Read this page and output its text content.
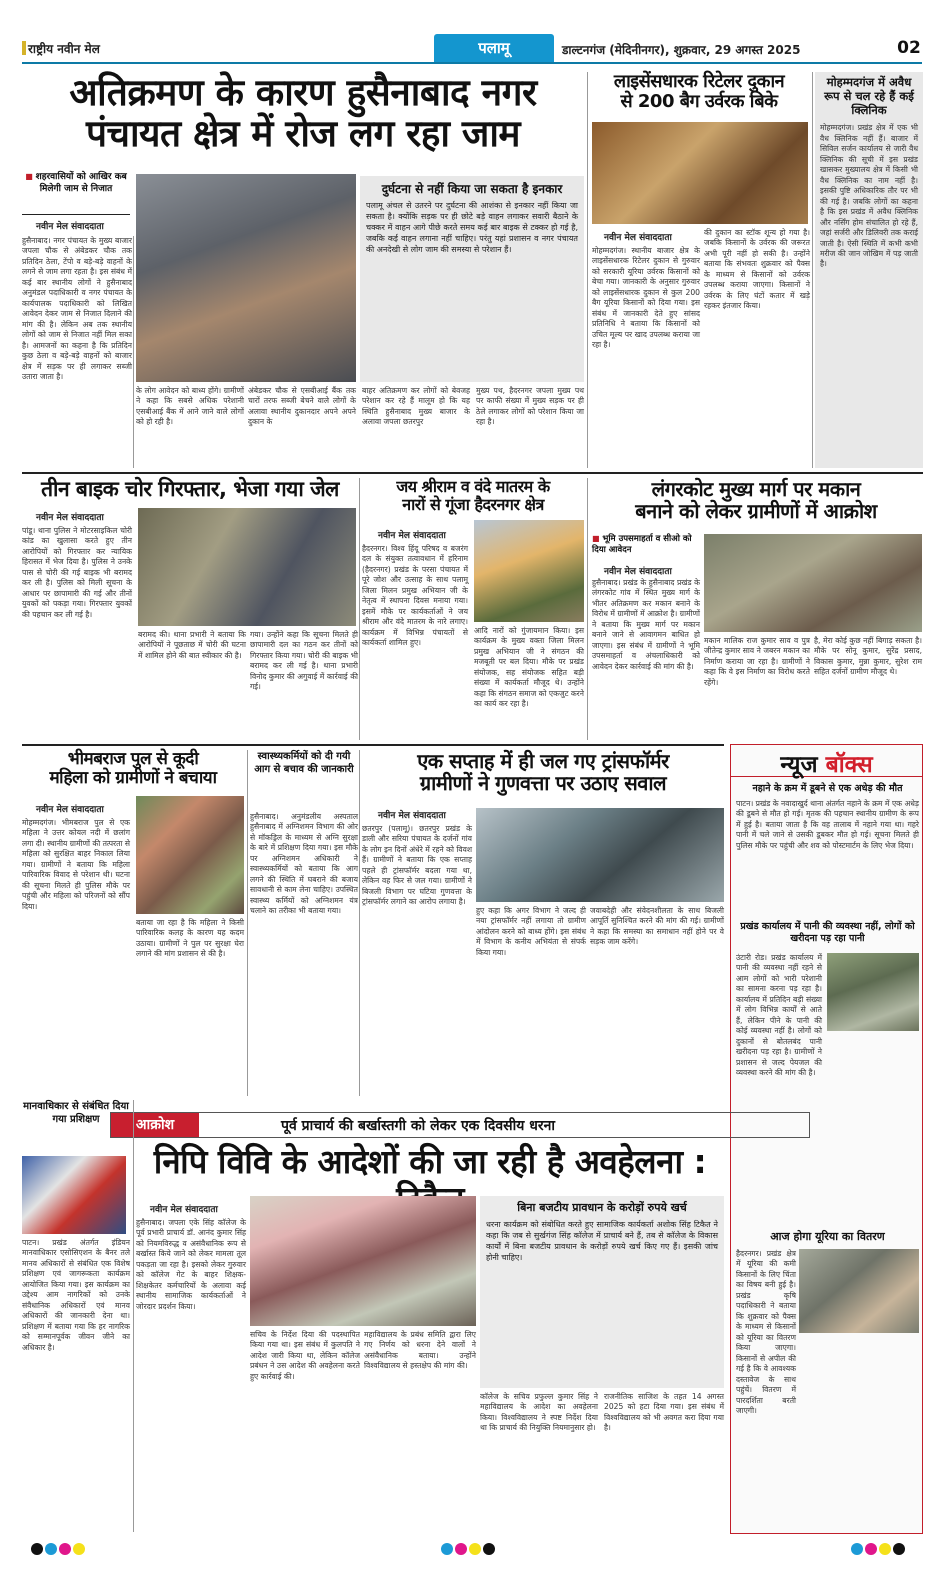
राष्ट्रीय नवीन मेल	पलामू	डाल्टनगंज (मेदिनीनगर), शुक्रवार, 29 अगस्त 2025	02
अतिक्रमण के कारण हुसैनाबाद नगर
पंचायत क्षेत्र में रोज लग रहा जाम
■ शहरवासियों को आखिर कब मिलेगी जाम से निजात
नवीन मेल संवाददाता
हुसैनाबाद। नगर पंचायत के मुख्य बाजार जपला चौक से अंबेडकर चौक तक प्रतिदिन ठेला, टेंपो व बड़े-बड़े वाहनों के लगने से जाम लगा रहता है। इस संबंध में कई बार स्थानीय लोगों ने हुसैनाबाद अनुमंडल पदाधिकारी व नगर पंचायत के कार्यपालक पदाधिकारी को लिखित आवेदन देकर जाम से निजात दिलाने की मांग की है। लेकिन अब तक स्थानीय लोगों को जाम से निजात नहीं मिल सका है। आमजनों का कहना है कि प्रतिदिन कुछ ठेला व बड़े-बड़े वाहनों को बाजार क्षेत्र में सड़क पर ही लगाकर सब्जी उतारा जाता है।
के लोग आवेदन को बाध्य होंगे। ग्रामीणों ने कहा कि सबसे अधिक परेशानी एसबीआई बैंक में आने जाने वाले लोगों को हो रही है।
अंबेडकर चौक से एसबीआई बैंक तक चारों तरफ सब्जी बेचने वाले लोगों के अलावा स्थानीय दुकानदार अपने अपने दुकान के
दुर्घटना से नहीं किया जा सकता है इनकार
पलामू अंचल से उतरने पर दुर्घटना की आशंका से इनकार नहीं किया जा सकता है। क्योंकि सड़क पर ही छोटे बड़े वाहन लगाकर सवारी बैठाने के चक्कर में वाहन आगे पीछे करते समय कई बार बाइक से टक्कर हो गई है, जबकि कई वाहन लगाना नहीं चाहिए। परंतु यहां प्रशासन व नगर पंचायत की अनदेखी से लोग जाम की समस्या से परेशान हैं।
बाहर अतिक्रमण कर लोगों को बेवजह परेशान कर रहे हैं मालूम हो कि यह स्थिति हुसैनाबाद मुख्य बाजार के अलावा जपला छतरपुर
मुख्य पथ, हैदरनगर जपला मुख्य पथ पर काफी संख्या में मुख्य सड़क पर ही ठेले लगाकर लोगों को परेशान किया जा रहा है।
लाइसेंसधारक रिटेलर दुकान
से 200 बैग उर्वरक बिके
नवीन मेल संवाददाता
मोहम्मदगंज। स्थानीय बाजार क्षेत्र के लाइसेंसधारक रिटेलर दुकान से गुरुवार को सरकारी यूरिया उर्वरक किसानों को बेचा गया। जानकारी के अनुसार गुरुवार को लाइसेंसधारक दुकान से कुल 200 बैग यूरिया किसानों को दिया गया। इस संबंध में जानकारी देते हुए सांसद प्रतिनिधि ने बताया कि किसानों को उचित मूल्य पर खाद उपलब्ध कराया जा रहा है।
की दुकान का स्टॉक शून्य हो गया है। जबकि किसानों के उर्वरक की जरूरत अभी पूरी नहीं हो सकी है। उन्होंने बताया कि संभवतः शुक्रवार को पैक्स के माध्यम से किसानों को उर्वरक उपलब्ध कराया जाएगा। किसानों ने उर्वरक के लिए घंटों कतार में खड़े रहकर इंतजार किया।
मोहम्मदगंज में अवैध रूप से चल रहे हैं कई क्लिनिक
मोहम्मदगंज। प्रखंड क्षेत्र में एक भी वैध क्लिनिक नहीं हैं। बाजार में सिविल सर्जन कार्यालय से जारी वैध क्लिनिक की सूची में इस प्रखंड खासकर मुख्यालय क्षेत्र में किसी भी वैध क्लिनिक का नाम नहीं है। इसकी पुष्टि अधिकारिक तौर पर भी की गई है। जबकि लोगों का कहना है कि इस प्रखंड में अवैध क्लिनिक और नर्सिंग होम संचालित हो रहे हैं, जहां सर्जरी और डिलिवरी तक कराई जाती है। ऐसी स्थिति में कभी कभी मरीज की जान जोखिम में पड़ जाती है।
तीन बाइक चोर गिरफ्तार, भेजा गया जेल
नवीन मेल संवाददाता
पांडू। थाना पुलिस ने मोटरसाइकिल चोरी कांड का खुलासा करते हुए तीन आरोपियों को गिरफ्तार कर न्यायिक हिरासत में भेज दिया है। पुलिस ने उनके पास से चोरी की गई बाइक भी बरामद कर ली है। पुलिस को मिली सूचना के आधार पर छापामारी की गई और तीनों युवकों को पकड़ा गया। गिरफ्तार युवकों की पहचान कर ली गई है।
बरामद की। थाना प्रभारी ने बताया कि आरोपियों ने पूछताछ में चोरी की घटना में शामिल होने की बात स्वीकार की है।
गया। उन्होंने कहा कि सूचना मिलते ही छापामारी दल का गठन कर तीनों को गिरफ्तार किया गया। चोरी की बाइक भी बरामद कर ली गई है। थाना प्रभारी विनोद कुमार की अगुवाई में कार्रवाई की गई।
जय श्रीराम व वंदे मातरम के
नारों से गूंजा हैदरनगर क्षेत्र
नवीन मेल संवाददाता
हैदरनगर। विश्व हिंदू परिषद व बजरंग दल के संयुक्त तत्वावधान में हरिनाम (हैदरनगर) प्रखंड के परसा पंचायत में पूरे जोश और उत्साह के साथ पलामू जिला मिलन प्रमुख अभियान जी के नेतृत्व में स्थापना दिवस मनाया गया। इसमें मौके पर कार्यकर्ताओं ने जय श्रीराम और वंदे मातरम के नारे लगाए। कार्यक्रम में विभिन्न पंचायतों से कार्यकर्ता शामिल हुए।
आदि नारों को गुंजायमान किया। इस कार्यक्रम के मुख्य वक्ता जिला मिलन प्रमुख अभियान जी ने संगठन की मजबूती पर बल दिया। मौके पर प्रखंड संयोजक, सह संयोजक सहित बड़ी संख्या में कार्यकर्ता मौजूद थे। उन्होंने कहा कि संगठन समाज को एकजुट करने का कार्य कर रहा है।
लंगरकोट मुख्य मार्ग पर मकान
बनाने को लेकर ग्रामीणों में आक्रोश
■ भूमि उपसमाहर्ता व सीओ को दिया आवेदन
नवीन मेल संवाददाता
हुसैनाबाद। प्रखंड के हुसैनाबाद प्रखंड के लंगरकोट गांव में स्थित मुख्य मार्ग के भीतर अतिक्रमण कर मकान बनाने के विरोध में ग्रामीणों में आक्रोश है। ग्रामीणों ने बताया कि मुख्य मार्ग पर मकान बनाने जाने से आवागमन बाधित हो जाएगा। इस संबंध में ग्रामीणों ने भूमि उपसमाहर्ता व अंचलाधिकारी को आवेदन देकर कार्रवाई की मांग की है।
मकान मालिक राज कुमार साव व पुत्र जीतेन्द्र कुमार साव ने जबरन मकान का निर्माण कराया जा रहा है। ग्रामीणों ने कहा कि वे इस निर्माण का विरोध करते रहेंगे।
है, मेरा कोई कुछ नहीं बिगाड़ सकता है। मौके पर सोनू कुमार, सुरेंद्र प्रसाद, विकास कुमार, मुन्ना कुमार, सुरेश राम सहित दर्जनों ग्रामीण मौजूद थे।
भीमबराज पुल से कूदी
महिला को ग्रामीणों ने बचाया
नवीन मेल संवाददाता
मोहम्मदगंज। भीमबराज पुल से एक महिला ने उत्तर कोयल नदी में छलांग लगा दी। स्थानीय ग्रामीणों की तत्परता से महिला को सुरक्षित बाहर निकाल लिया गया। ग्रामीणों ने बताया कि महिला पारिवारिक विवाद से परेशान थी। घटना की सूचना मिलते ही पुलिस मौके पर पहुंची और महिला को परिजनों को सौंप दिया।
बताया जा रहा है कि महिला ने किसी पारिवारिक कलह के कारण यह कदम उठाया। ग्रामीणों ने पुल पर सुरक्षा घेरा लगाने की मांग प्रशासन से की है।
स्वास्थ्यकर्मियों को दी गयी आग से बचाव की जानकारी
हुसैनाबाद। अनुमंडलीय अस्पताल हुसैनाबाद में अग्निशमन विभाग की ओर से मॉकड्रिल के माध्यम से अग्नि सुरक्षा के बारे में प्रशिक्षण दिया गया। इस मौके पर अग्निशमन अधिकारी ने स्वास्थ्यकर्मियों को बताया कि आग लगने की स्थिति में घबराने की बजाय सावधानी से काम लेना चाहिए। उपस्थित स्वास्थ्य कर्मियों को अग्निशमन यंत्र चलाने का तरीका भी बताया गया।
एक सप्ताह में ही जल गए ट्रांसफॉर्मर
ग्रामीणों ने गुणवत्ता पर उठाए सवाल
नवीन मेल संवाददाता
छतरपुर (पलामू)। छतरपुर प्रखंड के डाली और सरिया पंचायत के दर्जनों गांव के लोग इन दिनों अंधेरे में रहने को विवश हैं। ग्रामीणों ने बताया कि एक सप्ताह पहले ही ट्रांसफॉर्मर बदला गया था, लेकिन वह फिर से जल गया। ग्रामीणों ने बिजली विभाग पर घटिया गुणवत्ता के ट्रांसफॉर्मर लगाने का आरोप लगाया है।
हुए कहा कि अगर विभाग ने जल्द ही नया ट्रांसफॉर्मर नहीं लगाया तो ग्रामीण आंदोलन करने को बाध्य होंगे। इस संबंध में विभाग के कनीय अभियंता से संपर्क किया गया।
जवाबदेही और संवेदनशीलता के साथ बिजली आपूर्ति सुनिश्चित करने की मांग की गई। ग्रामीणों ने कहा कि समस्या का समाधान नहीं होने पर वे सड़क जाम करेंगे।
न्यूज बॉक्स
नहाने के क्रम में डूबने से एक अधेड़ की मौत
पाटन। प्रखंड के नवादाखुर्द थाना अंतर्गत नहाने के क्रम में एक अधेड़ की डूबने से मौत हो गई। मृतक की पहचान स्थानीय ग्रामीण के रूप में हुई है। बताया जाता है कि वह तालाब में नहाने गया था। गहरे पानी में चले जाने से उसकी डूबकर मौत हो गई। सूचना मिलते ही पुलिस मौके पर पहुंची और शव को पोस्टमार्टम के लिए भेज दिया।
प्रखंड कार्यालय में पानी की व्यवस्था नहीं, लोगों को खरीदना पड़ रहा पानी
उंटारी रोड। प्रखंड कार्यालय में पानी की व्यवस्था नहीं रहने से आम लोगों को भारी परेशानी का सामना करना पड़ रहा है। कार्यालय में प्रतिदिन बड़ी संख्या में लोग विभिन्न कार्यों से आते हैं, लेकिन पीने के पानी की कोई व्यवस्था नहीं है। लोगों को दुकानों से बोतलबंद पानी खरीदना पड़ रहा है। ग्रामीणों ने प्रशासन से जल्द पेयजल की व्यवस्था करने की मांग की है।
आज होगा यूरिया का वितरण
हैदरनगर। प्रखंड क्षेत्र में यूरिया की कमी किसानों के लिए चिंता का विषय बनी हुई है। प्रखंड कृषि पदाधिकारी ने बताया कि शुक्रवार को पैक्स के माध्यम से किसानों को यूरिया का वितरण किया जाएगा। किसानों से अपील की गई है कि वे आवश्यक दस्तावेज के साथ पहुंचें। वितरण में पारदर्शिता बरती जाएगी।
मानवाधिकार से संबंधित दिया गया प्रशिक्षण
पाटन। प्रखंड अंतर्गत इंडियन मानवाधिकार एसोसिएशन के बैनर तले मानव अधिकारों से संबंधित एक विशेष प्रशिक्षण एवं जागरूकता कार्यक्रम आयोजित किया गया। इस कार्यक्रम का उद्देश्य आम नागरिकों को उनके संवैधानिक अधिकारों एवं मानव अधिकारों की जानकारी देना था। प्रशिक्षण में बताया गया कि हर नागरिक को सम्मानपूर्वक जीवन जीने का अधिकार है।
आक्रोश	पूर्व प्राचार्य की बर्खास्तगी को लेकर एक दिवसीय धरना
निपि विवि के आदेशों की जा रही है अवहेलना :
नवीन मेल संवाददाता
हुसैनाबाद। जपला एके सिंह कॉलेज के पूर्व प्रभारी प्राचार्य डॉ. आनंद कुमार सिंह को नियमविरुद्ध व असंवैधानिक रूप से बर्खास्त किये जाने को लेकर मामला तूल पकड़ता जा रहा है। इसको लेकर गुरुवार को कॉलेज गेट के बाहर शिक्षक-शिक्षकेतर कर्मचारियों के अलावा कई स्थानीय सामाजिक कार्यकर्ताओं ने जोरदार प्रदर्शन किया।
सचिव के निर्देश दिया की पदस्थापित किया गया था। इस संबंध में कुलपति ने आदेश जारी किया था, लेकिन कॉलेज प्रबंधन ने उस आदेश की अवहेलना करते हुए कार्रवाई की।
महाविद्यालय के प्रबंध समिति द्वारा लिए गए निर्णय को धरना देने वालों ने असंवैधानिक बताया। उन्होंने विश्वविद्यालय से हस्तक्षेप की मांग की।
बिना बजटीय प्रावधान के करोड़ों रुपये खर्च
धरना कार्यक्रम को संबोधित करते हुए सामाजिक कार्यकर्ता अशोक सिंह टिकैत ने कहा कि जब से सुर्खगंज सिंह कॉलेज में प्राचार्य बने हैं, तब से कॉलेज के विकास कार्यों में बिना बजटीय प्रावधान के करोड़ों रुपये खर्च किए गए हैं। इसकी जांच होनी चाहिए।
कॉलेज के सचिव प्रफुल्ल कुमार सिंह ने महाविद्यालय के आदेश का अवहेलना किया। विश्वविद्यालय ने स्पष्ट निर्देश दिया था कि प्राचार्य की नियुक्ति नियमानुसार हो।
राजनीतिक साजिश के तहत 14 अगस्त 2025 को हटा दिया गया। इस संबंध में विश्वविद्यालय को भी अवगत करा दिया गया है।
